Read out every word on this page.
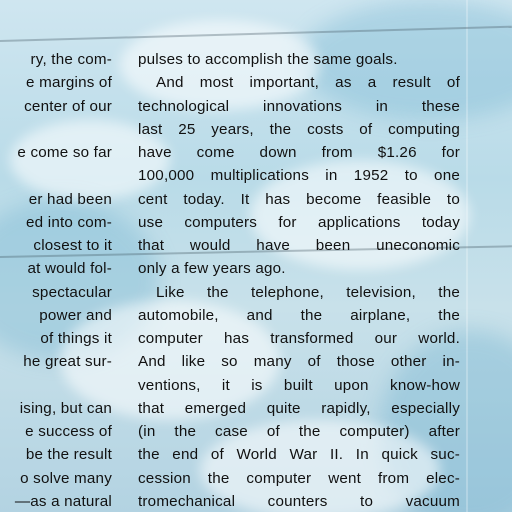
ry, the com-
e margins of
center of our
e come so far
er had been
ed into com-
closest to it
at would fol-
spectacular
power and
of things it
he great sur-
ising, but can
e success of
be the result
o solve many
—as a natural
pulses to accomplish the same goals.
And most important, as a result of
technological innovations in these
last 25 years, the costs of computing
have come down from $1.26 for
100,000 multiplications in 1952 to one
cent today. It has become feasible to
use computers for applications today
that would have been uneconomic
only a few years ago.
Like the telephone, television, the
automobile, and the airplane, the
computer has transformed our world.
And like so many of those other in-
ventions, it is built upon know-how
that emerged quite rapidly, especially
(in the case of the computer) after
the end of World War II. In quick suc-
cession the computer went from elec-
tromechanical counters to vacuum
